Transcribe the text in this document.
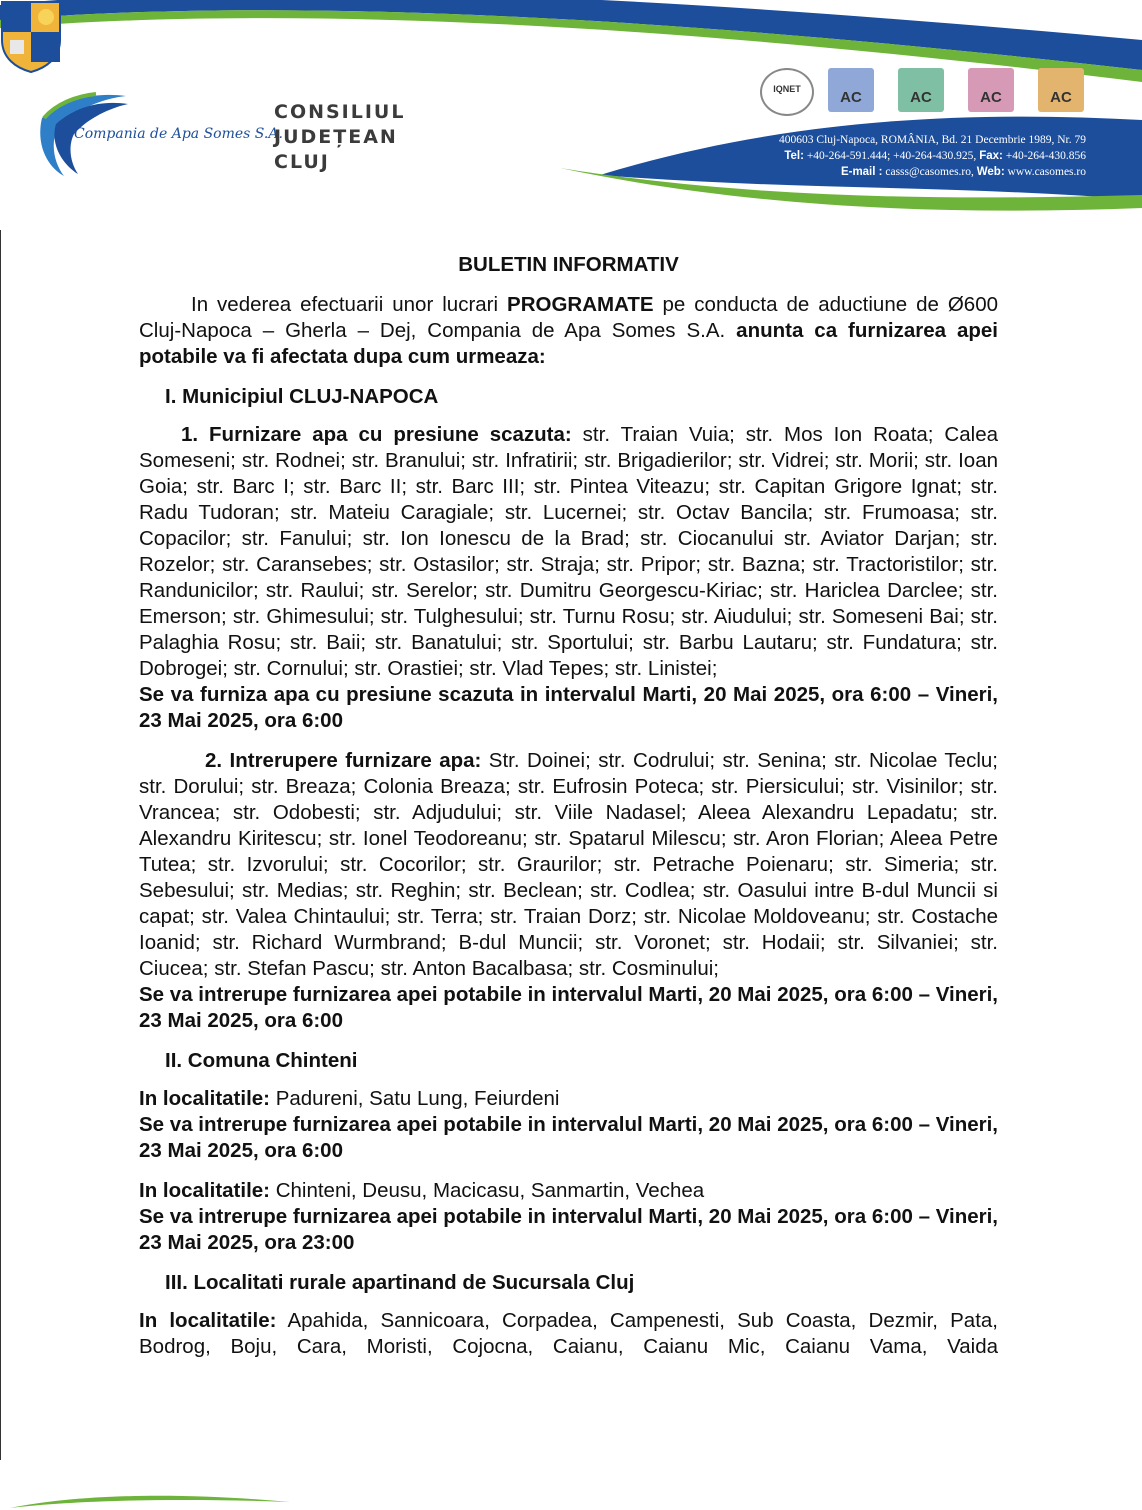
Compania de Apa Somes S.A.
CONSILIUL
JUDEȚEAN
CLUJ
IQNET	AC	AC	AC	AC
400603 Cluj-Napoca, ROMÂNIA, Bd. 21 Decembrie 1989, Nr. 79
Tel: +40-264-591.444; +40-264-430.925, Fax: +40-264-430.856
E-mail : casss@casomes.ro, Web: www.casomes.ro
BULETIN INFORMATIV

In vederea efectuarii unor lucrari PROGRAMATE pe conducta de aductiune de Ø600 Cluj-Napoca – Gherla – Dej, Compania de Apa Somes S.A. anunta ca furnizarea apei potabile va fi afectata dupa cum urmeaza:

I. Municipiul CLUJ-NAPOCA

1. Furnizare apa cu presiune scazuta: str. Traian Vuia; str. Mos Ion Roata; Calea Someseni; str. Rodnei; str. Branului; str. Infratirii; str. Brigadierilor; str. Vidrei; str. Morii; str. Ioan Goia; str. Barc I; str. Barc II; str. Barc III; str. Pintea Viteazu; str. Capitan Grigore Ignat; str. Radu Tudoran; str. Mateiu Caragiale; str. Lucernei; str. Octav Bancila; str. Frumoasa; str. Copacilor; str. Fanului; str. Ion Ionescu de la Brad; str. Ciocanului str. Aviator Darjan; str. Rozelor; str. Caransebes; str. Ostasilor; str. Straja; str. Pripor; str. Bazna; str. Tractoristilor; str. Randunicilor; str. Raului; str. Serelor; str. Dumitru Georgescu-Kiriac; str. Hariclea Darclee; str. Emerson; str. Ghimesului; str. Tulghesului; str. Turnu Rosu; str. Aiudului; str. Someseni Bai; str. Palaghia Rosu; str. Baii; str. Banatului; str. Sportului; str. Barbu Lautaru; str. Fundatura; str. Dobrogei; str. Cornului; str. Orastiei; str. Vlad Tepes; str. Linistei;

Se va furniza apa cu presiune scazuta in intervalul Marti, 20 Mai 2025, ora 6:00 – Vineri, 23 Mai 2025, ora 6:00

2. Intrerupere furnizare apa: Str. Doinei; str. Codrului; str. Senina; str. Nicolae Teclu; str. Dorului; str. Breaza; Colonia Breaza; str. Eufrosin Poteca; str. Piersicului; str. Visinilor; str. Vrancea; str. Odobesti; str. Adjudului; str. Viile Nadasel; Aleea Alexandru Lepadatu; str. Alexandru Kiritescu; str. Ionel Teodoreanu; str. Spatarul Milescu; str. Aron Florian; Aleea Petre Tutea; str. Izvorului; str. Cocorilor; str. Graurilor; str. Petrache Poienaru; str. Simeria; str. Sebesului; str. Medias; str. Reghin; str. Beclean; str. Codlea; str. Oasului intre B-dul Muncii si capat; str. Valea Chintaului; str. Terra; str. Traian Dorz; str. Nicolae Moldoveanu; str. Costache Ioanid; str. Richard Wurmbrand; B-dul Muncii; str. Voronet; str. Hodaii; str. Silvaniei; str. Ciucea; str. Stefan Pascu; str. Anton Bacalbasa; str. Cosminului;

Se va intrerupe furnizarea apei potabile in intervalul Marti, 20 Mai 2025, ora 6:00 – Vineri, 23 Mai 2025, ora 6:00

II. Comuna Chinteni

In localitatile: Padureni, Satu Lung, Feiurdeni

Se va intrerupe furnizarea apei potabile in intervalul Marti, 20 Mai 2025, ora 6:00 – Vineri, 23 Mai 2025, ora 6:00

In localitatile: Chinteni, Deusu, Macicasu, Sanmartin, Vechea

Se va intrerupe furnizarea apei potabile in intervalul Marti, 20 Mai 2025, ora 6:00 – Vineri, 23 Mai 2025, ora 23:00

III. Localitati rurale apartinand de Sucursala Cluj

In localitatile: Apahida, Sannicoara, Corpadea, Campenesti, Sub Coasta, Dezmir, Pata, Bodrog, Boju, Cara, Moristi, Cojocna, Caianu, Caianu Mic, Caianu Vama, Vaida
